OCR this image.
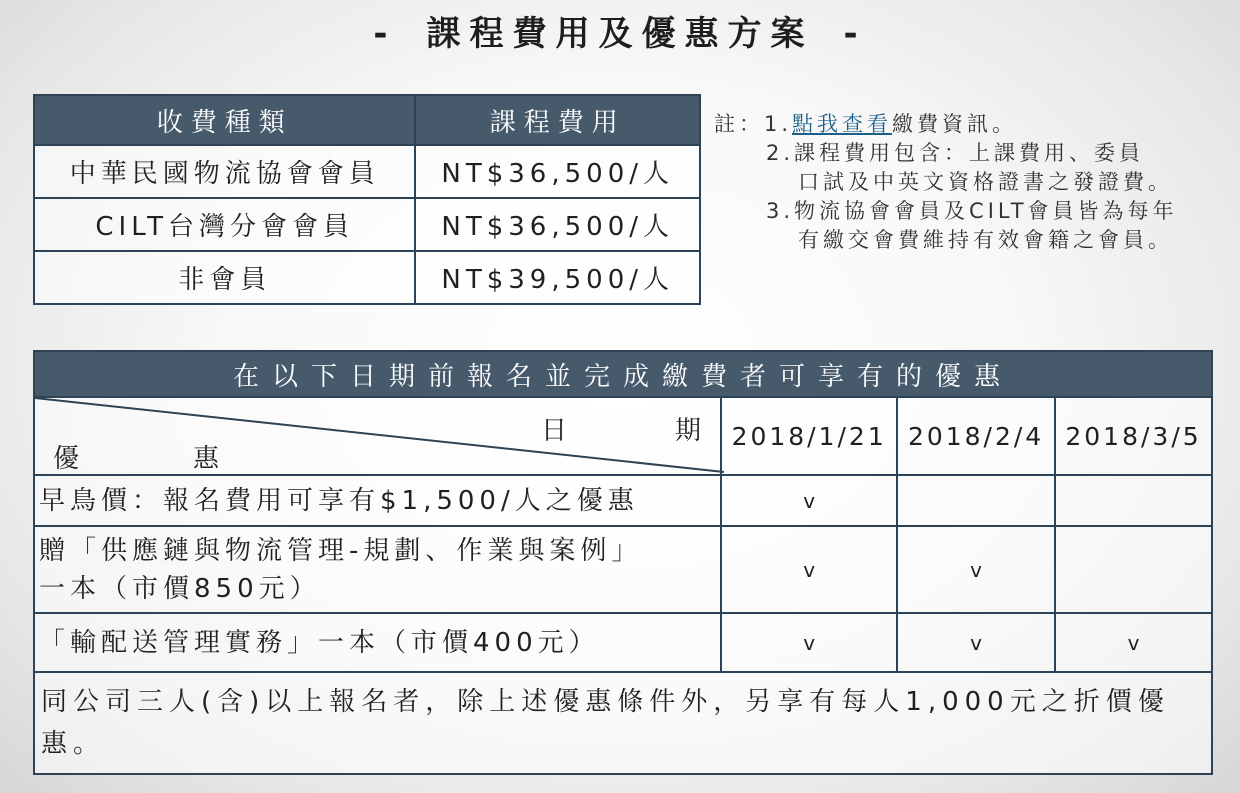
- 課程費用及優惠方案 -
收費種類	課程費用
中華民國物流協會會員	NT$36,500/人
CILT台灣分會會員	NT$36,500/人
非會員	NT$39,500/人
註：1.點我查看繳費資訊。
2.課程費用包含：上課費用、委員
口試及中英文資格證書之發證費。
3.物流協會會員及CILT會員皆為每年
有繳交會費維持有效會籍之會員。
在以下日期前報名並完成繳費者可享有的優惠			

日 期
優 惠	2018/1/21	2018/2/4	2018/3/5
早鳥價：報名費用可享有$1,500/人之優惠	v		

贈「供應鏈與物流管理-規劃、作業與案例」
一本（市價850元）	v	v	
「輸配送管理實務」一本（市價400元）	v	v	v
同公司三人(含)以上報名者，除上述優惠條件外，另享有每人1,000元之折價優惠。			
